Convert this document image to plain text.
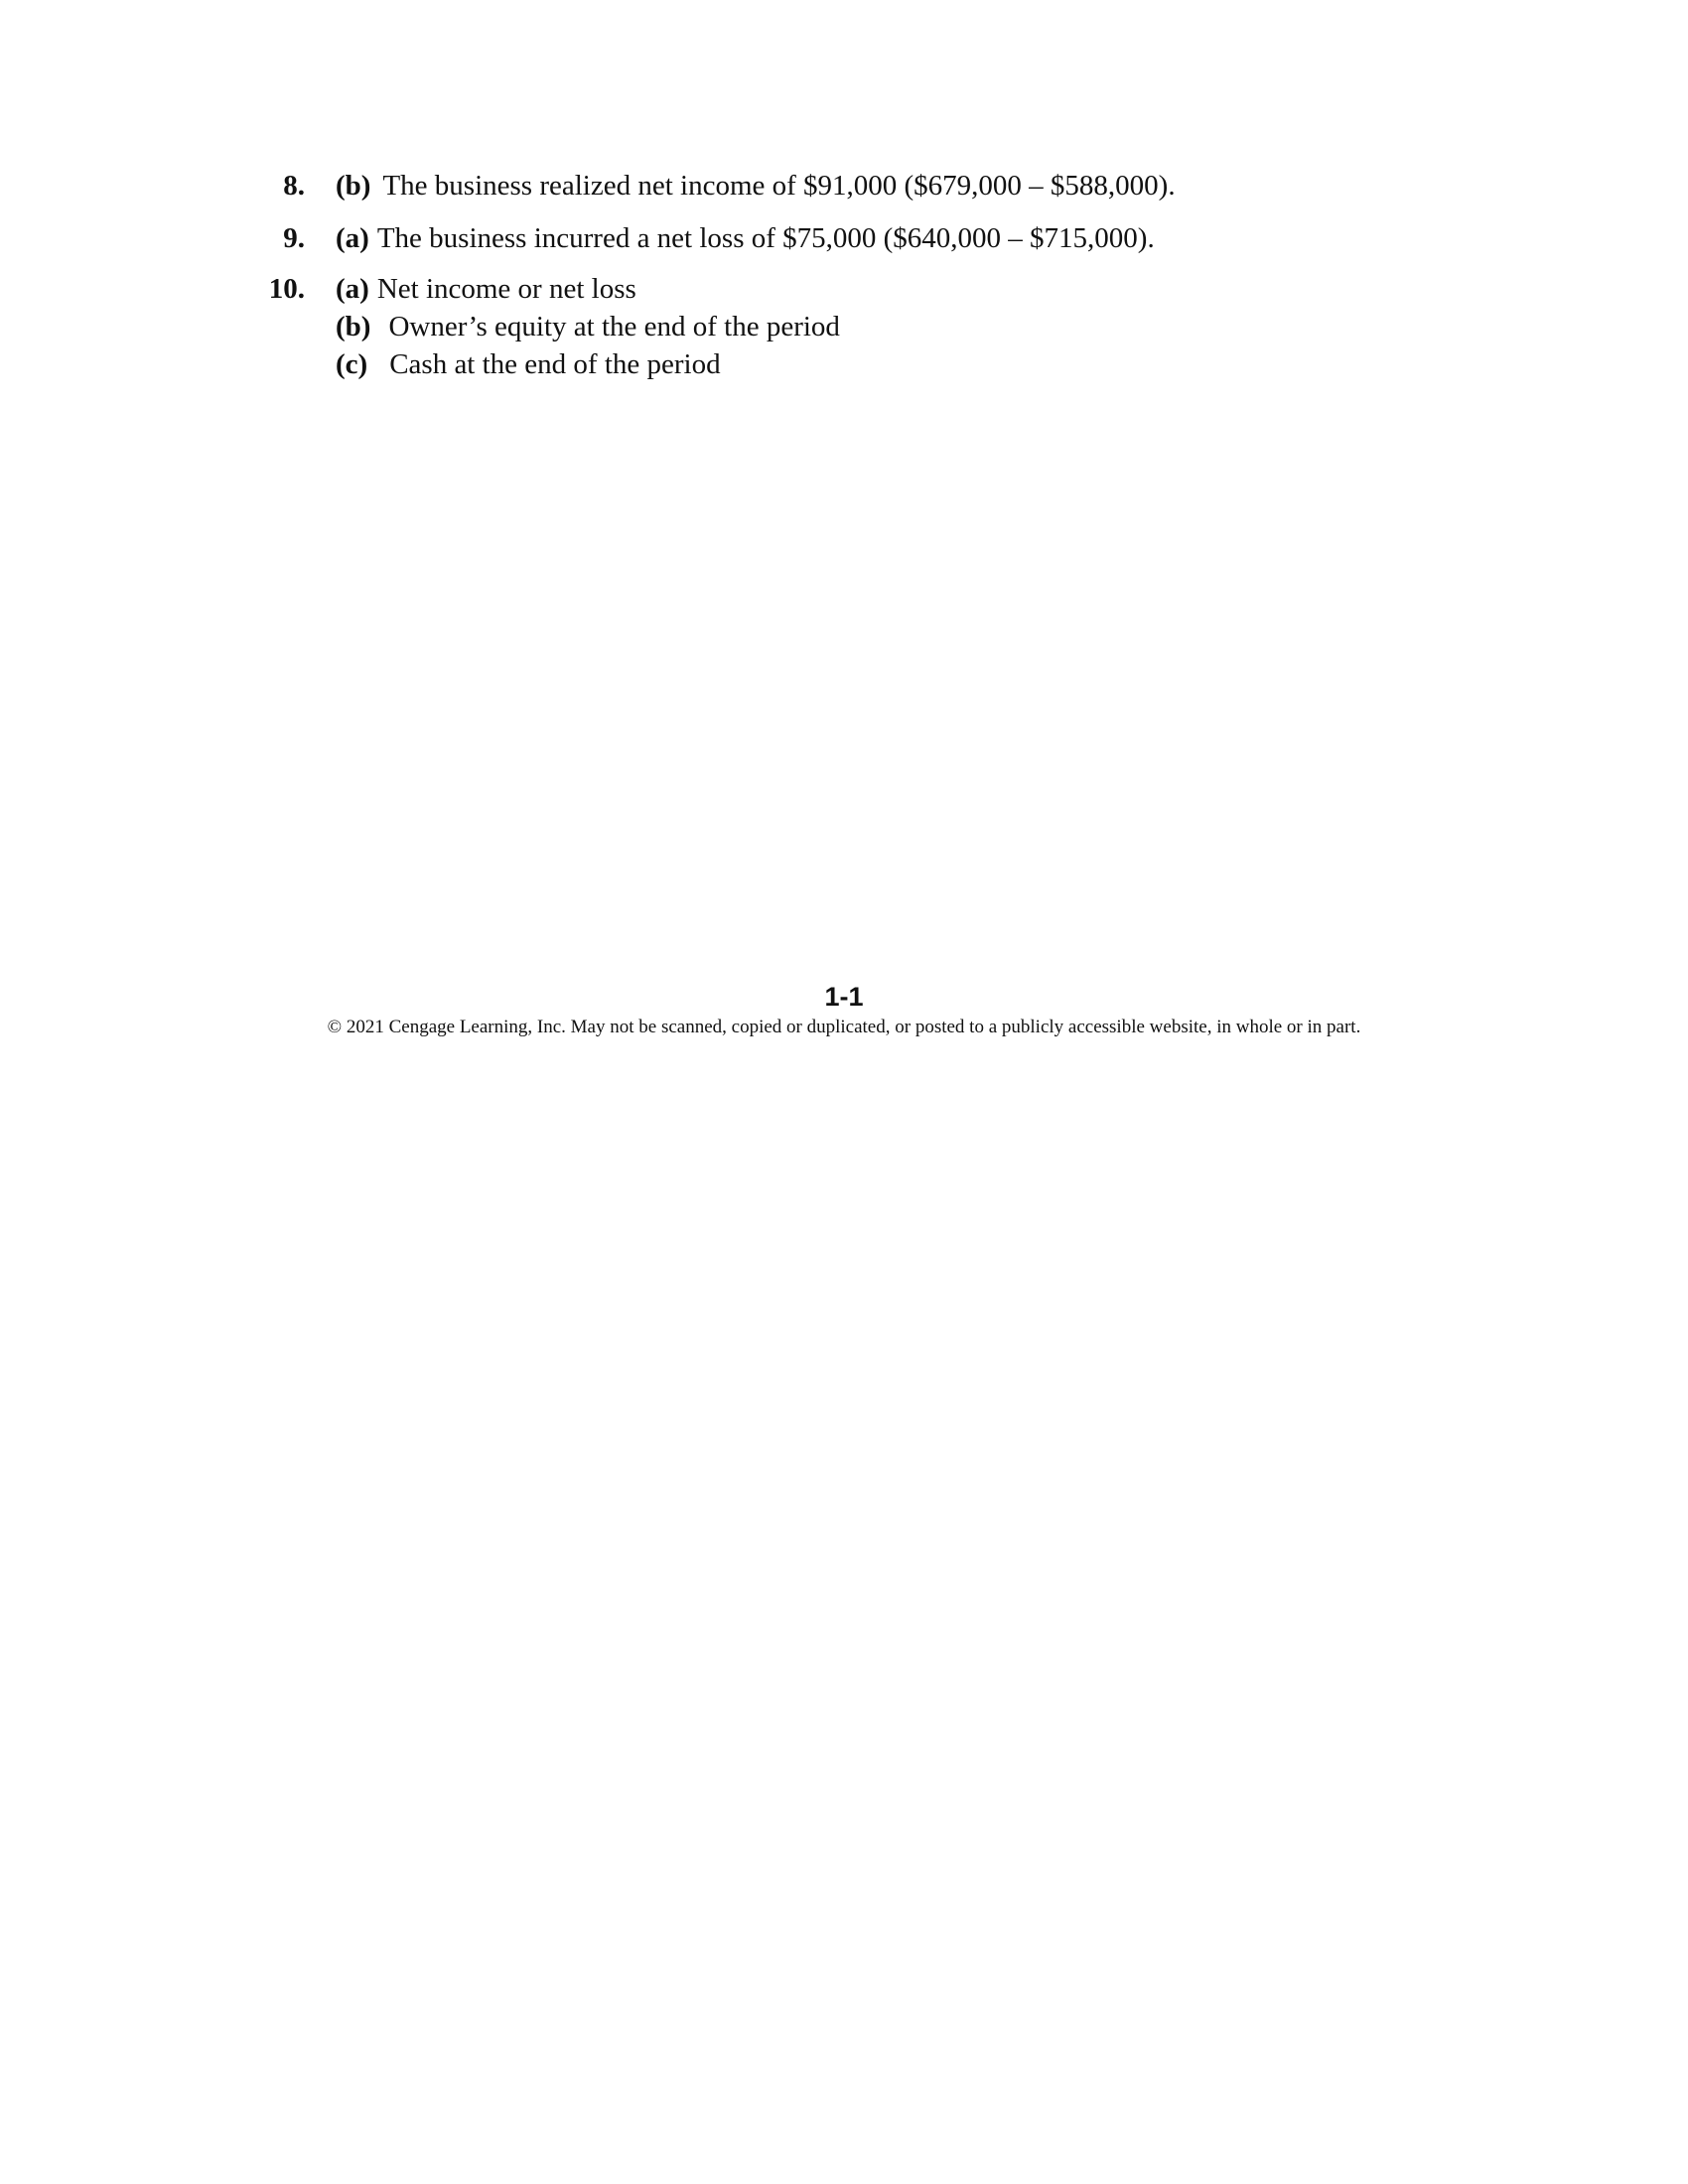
8. (b) The business realized net income of $91,000 ($679,000 – $588,000).
9. (a) The business incurred a net loss of $75,000 ($640,000 – $715,000).
10. (a) Net income or net loss
(b) Owner’s equity at the end of the period
(c) Cash at the end of the period
1-1
© 2021 Cengage Learning, Inc. May not be scanned, copied or duplicated, or posted to a publicly accessible website, in whole or in part.
